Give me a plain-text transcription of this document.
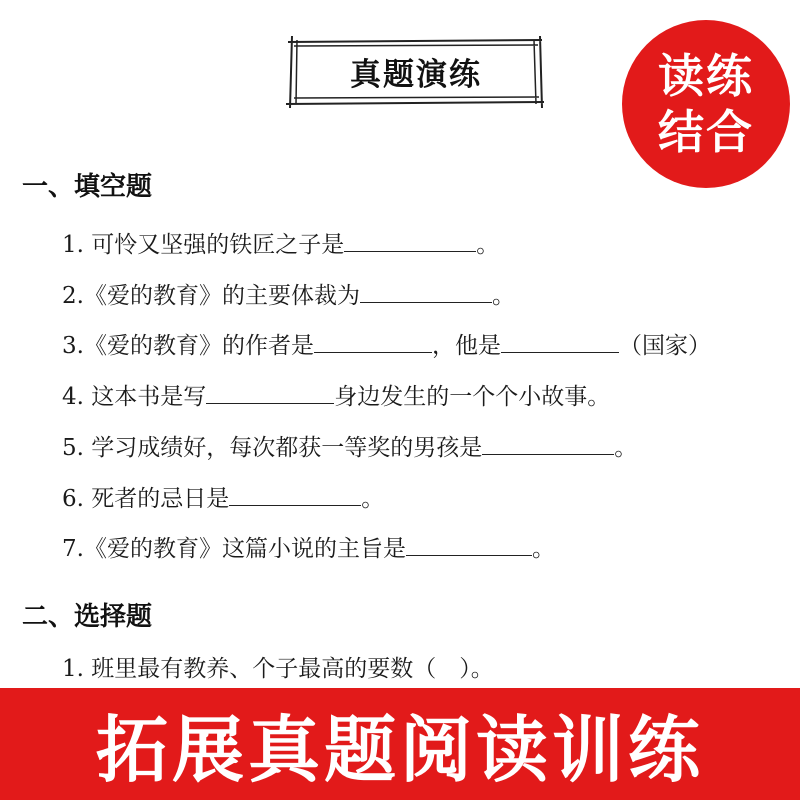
真题演练	读练
结合
一、填空题
1. 可怜又坚强的铁匠之子是	。
2.《爱的教育》的主要体裁为	。
3.《爱的教育》的作者是	，他是	（国家）
4. 这本书是写	身边发生的一个个小故事。
5. 学习成绩好，每次都获一等奖的男孩是	。
6. 死者的忌日是	。
7.《爱的教育》这篇小说的主旨是	。
二、选择题
1. 班里最有教养、个子最高的要数（　）。
拓展真题阅读训练
